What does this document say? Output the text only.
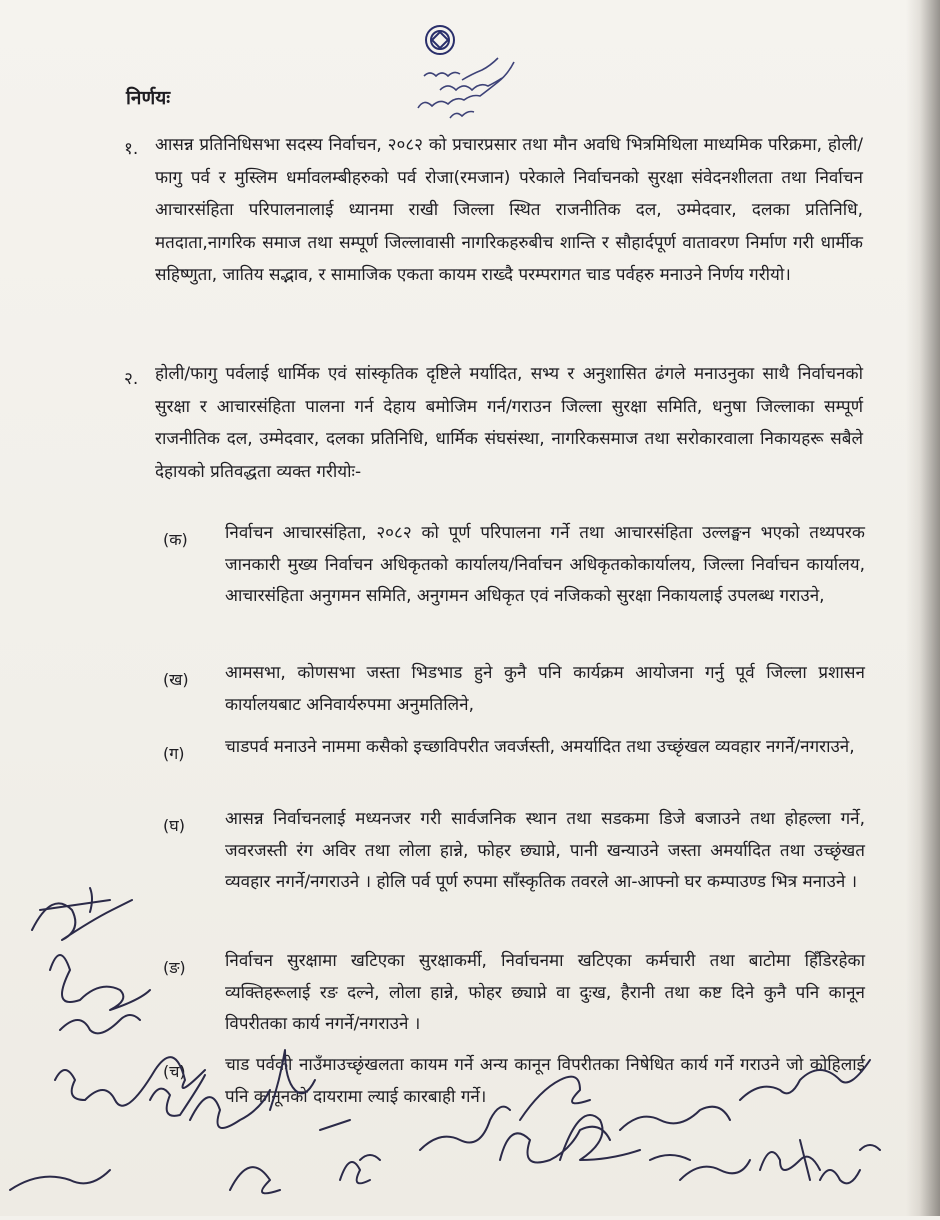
निर्णयः
१. आसन्न प्रतिनिधिसभा सदस्य निर्वाचन, २०८२ को प्रचारप्रसार तथा मौन अवधि भित्रमिथिला माध्यमिक परिक्रमा, होली/फागु पर्व र मुस्लिम धर्मावलम्बीहरुको पर्व रोजा(रमजान) परेकाले निर्वाचनको सुरक्षा संवेदनशीलता तथा निर्वाचन आचारसंहिता परिपालनालाई ध्यानमा राखी जिल्ला स्थित राजनीतिक दल, उम्मेदवार, दलका प्रतिनिधि, मतदाता,नागरिक समाज तथा सम्पूर्ण जिल्लावासी नागरिकहरुबीच शान्ति र सौहार्दपूर्ण वातावरण निर्माण गरी धार्मीक सहिष्णुता, जातिय सद्भाव, र सामाजिक एकता कायम राख्दै परम्परागत चाड पर्वहरु मनाउने निर्णय गरीयो।
२. होली/फागु पर्वलाई धार्मिक एवं सांस्कृतिक दृष्टिले मर्यादित, सभ्य र अनुशासित ढंगले मनाउनुका साथै निर्वाचनको सुरक्षा र आचारसंहिता पालना गर्न देहाय बमोजिम गर्न/गराउन जिल्ला सुरक्षा समिति, धनुषा जिल्लाका सम्पूर्ण राजनीतिक दल, उम्मेदवार, दलका प्रतिनिधि, धार्मिक संघसंस्था, नागरिकसमाज तथा सरोकारवाला निकायहरू सबैले देहायको प्रतिवद्धता व्यक्त गरीयोः-
(क) निर्वाचन आचारसंहिता, २०८२ को पूर्ण परिपालना गर्ने तथा आचारसंहिता उल्लङ्घन भएको तथ्यपरक जानकारी मुख्य निर्वाचन अधिकृतको कार्यालय/निर्वाचन अधिकृतकोकार्यालय, जिल्ला निर्वाचन कार्यालय, आचारसंहिता अनुगमन समिति, अनुगमन अधिकृत एवं नजिकको सुरक्षा निकायलाई उपलब्ध गराउने,
(ख) आमसभा, कोणसभा जस्ता भिडभाड हुने कुनै पनि कार्यक्रम आयोजना गर्नु पूर्व जिल्ला प्रशासन कार्यालयबाट अनिवार्यरुपमा अनुमतिलिने,
(ग) चाडपर्व मनाउने नाममा कसैको इच्छाविपरीत जवर्जस्ती, अमर्यादित तथा उच्छृंखल व्यवहार नगर्ने/नगराउने,
(घ) आसन्न निर्वाचनलाई मध्यनजर गरी सार्वजनिक स्थान तथा सडकमा डिजे बजाउने तथा होहल्ला गर्ने, जवरजस्ती रंग अविर तथा लोला हान्ने, फोहर छ्याप्ने, पानी खन्याउने जस्ता अमर्यादित तथा उच्छृंखत व्यवहार नगर्ने/नगराउने । होलि पर्व पूर्ण रुपमा साँस्कृतिक तवरले आ-आफ्नो घर कम्पाउण्ड भित्र मनाउने ।
(ङ) निर्वाचन सुरक्षामा खटिएका सुरक्षाकर्मी, निर्वाचनमा खटिएका कर्मचारी तथा बाटोमा हिँडिरहेका व्यक्तिहरूलाई रङ दल्ने, लोला हान्ने, फोहर छ्याप्ने वा दुःख, हैरानी तथा कष्ट दिने कुनै पनि कानून विपरीतका कार्य नगर्ने/नगराउने ।
(च) चाड पर्वको नाउँमाउच्छृंखलता कायम गर्ने अन्य कानून विपरीतका निषेधित कार्य गर्ने गराउने जो कोहिलाई पनि कानूनको दायरामा ल्याई कारबाही गर्ने।
